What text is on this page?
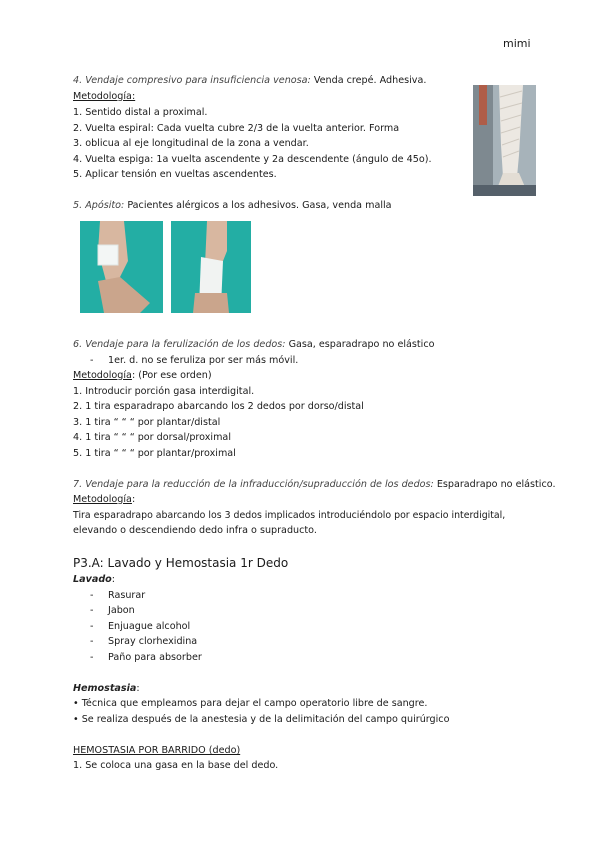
mimi
4. Vendaje compresivo para insuficiencia venosa: Venda crepé. Adhesiva.
Metodología:
1. Sentido distal a proximal.
2. Vuelta espiral: Cada vuelta cubre 2/3 de la vuelta anterior. Forma
3. oblicua al eje longitudinal de la zona a vendar.
4. Vuelta espiga: 1a vuelta ascendente y 2a descendente (ángulo de 45o).
5. Aplicar tensión en vueltas ascendentes.
5. Apósito: Pacientes alérgicos a los adhesivos. Gasa, venda malla
6. Vendaje para la ferulización de los dedos: Gasa, esparadrapo no elástico
- 1er. d. no se ferulizа por ser más móvil.
Metodología: (Por ese orden)
1. Introducir porción gasa interdigital.
2. 1 tira esparadrapo abarcando los 2 dedos por dorso/distal
3. 1 tira “ “ “ por plantar/distal
4. 1 tira “ “ “ por dorsal/proximal
5. 1 tira “ “ “ por plantar/proximal
7. Vendaje para la reducción de la infraducción/supraducción de los dedos: Esparadrapo no elástico.
Metodología:
Tira esparadrapo abarcando los 3 dedos implicados introduciéndolo por espacio interdigital,
elevando o descendiendo dedo infra o supraducto.
P3.A: Lavado y Hemostasia 1r Dedo
Lavado:
- Rasurar
- Jabon
- Enjuague alcohol
- Spray clorhexidina
- Paño para absorber
Hemostasia:
• Técnica que empleamos para dejar el campo operatorio libre de sangre.
• Se realiza después de la anestesia y de la delimitación del campo quirúrgico
HEMOSTASIA POR BARRIDO (dedo)
1. Se coloca una gasa en la base del dedo.
